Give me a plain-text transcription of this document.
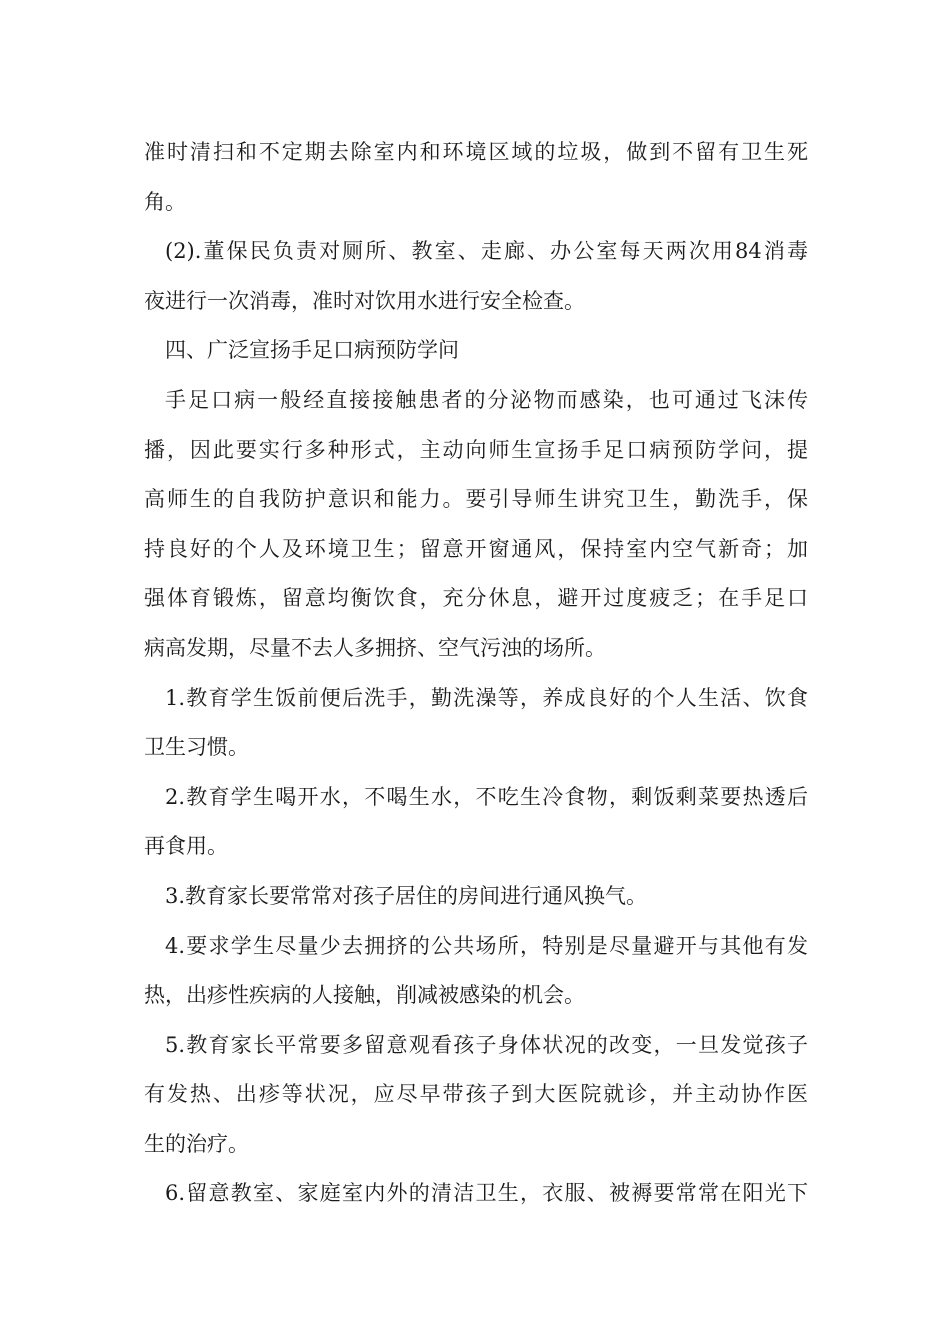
准时清扫和不定期去除室内和环境区域的垃圾，做到不留有卫生死
角。
(2).董保民负责对厕所、教室、走廊、办公室每天两次用84消毒
夜进行一次消毒，准时对饮用水进行安全检查。
四、广泛宣扬手足口病预防学问
手足口病一般经直接接触患者的分泌物而感染，也可通过飞沫传
播，因此要实行多种形式，主动向师生宣扬手足口病预防学问，提
高师生的自我防护意识和能力。要引导师生讲究卫生，勤洗手，保
持良好的个人及环境卫生；留意开窗通风，保持室内空气新奇；加
强体育锻炼，留意均衡饮食，充分休息，避开过度疲乏；在手足口
病高发期，尽量不去人多拥挤、空气污浊的场所。
1.教育学生饭前便后洗手，勤洗澡等，养成良好的个人生活、饮食
卫生习惯。
2.教育学生喝开水，不喝生水，不吃生冷食物，剩饭剩菜要热透后
再食用。
3.教育家长要常常对孩子居住的房间进行通风换气。
4.要求学生尽量少去拥挤的公共场所，特别是尽量避开与其他有发
热，出疹性疾病的人接触，削减被感染的机会。
5.教育家长平常要多留意观看孩子身体状况的改变，一旦发觉孩子
有发热、出疹等状况，应尽早带孩子到大医院就诊，并主动协作医
生的治疗。
6.留意教室、家庭室内外的清洁卫生，衣服、被褥要常常在阳光下
